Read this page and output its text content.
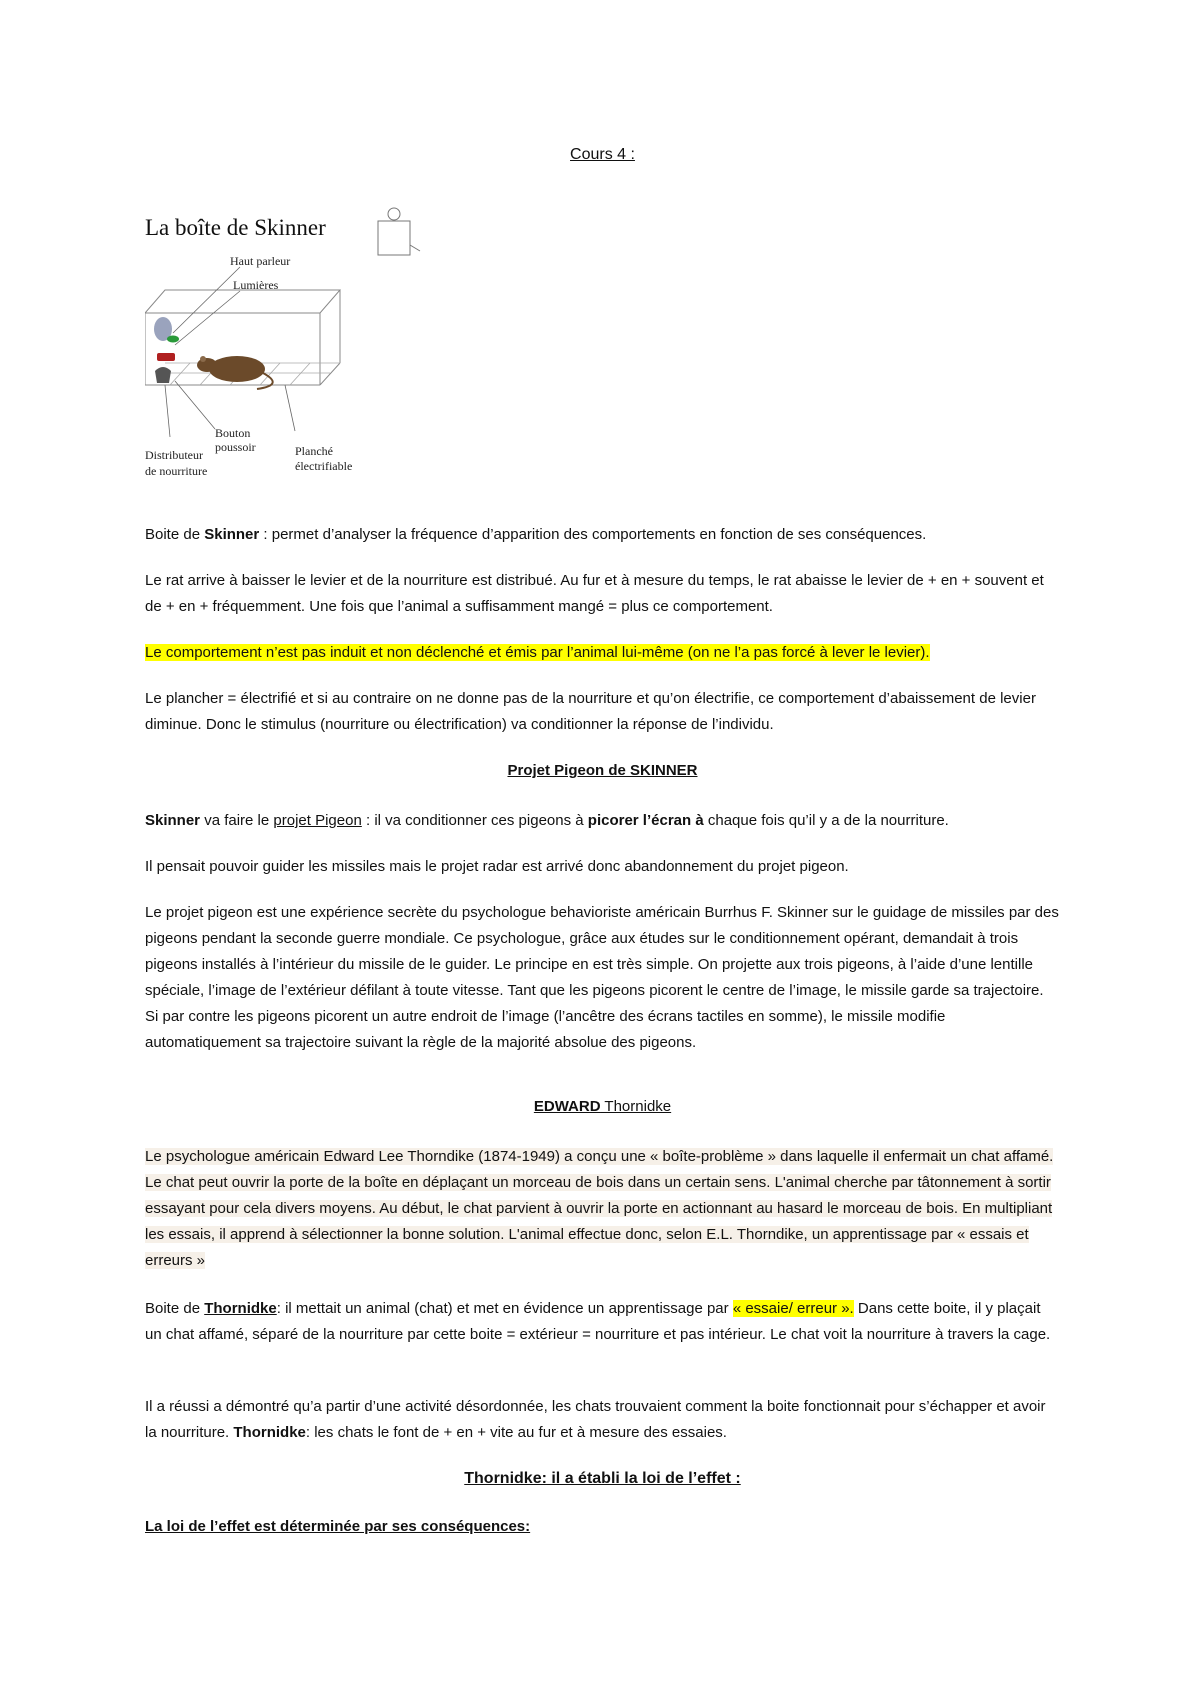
Cours 4 :
La boîte de Skinner
Haut parleur
Lumières
Bouton
poussoir
Distributeur
de nourriture
Planché
électrifiable

Boite de Skinner : permet d’analyser la fréquence d’apparition des comportements en fonction de ses conséquences.

Le rat arrive à baisser le levier et de la nourriture est distribué. Au fur et à mesure du temps, le rat abaisse le levier de + en + souvent et de + en + fréquemment. Une fois que l’animal a suffisamment mangé = plus ce comportement.

Le comportement n’est pas induit et non déclenché et émis par l’animal lui-même (on ne l’a pas forcé à lever le levier).

Le plancher = électrifié et si au contraire on ne donne pas de la nourriture et qu’on électrifie, ce comportement d’abaissement de levier diminue. Donc le stimulus (nourriture ou électrification) va conditionner la réponse de l’individu.

Projet Pigeon de SKINNER

Skinner va faire le projet Pigeon : il va conditionner ces pigeons à picorer l’écran à chaque fois qu’il y a de la nourriture.

Il pensait pouvoir guider les missiles mais le projet radar est arrivé donc abandonnement du projet pigeon.

Le projet pigeon est une expérience secrète du psychologue behavioriste américain Burrhus F. Skinner sur le guidage de missiles par des pigeons pendant la seconde guerre mondiale. Ce psychologue, grâce aux études sur le conditionnement opérant, demandait à trois pigeons installés à l’intérieur du missile de le guider. Le principe en est très simple. On projette aux trois pigeons, à l’aide d’une lentille spéciale, l’image de l’extérieur défilant à toute vitesse. Tant que les pigeons picorent le centre de l’image, le missile garde sa trajectoire. Si par contre les pigeons picorent un autre endroit de l’image (l’ancêtre des écrans tactiles en somme), le missile modifie automatiquement sa trajectoire suivant la règle de la majorité absolue des pigeons.

EDWARD Thornidke

Le psychologue américain Edward Lee Thorndike (1874-1949) a conçu une « boîte-problème » dans laquelle il enfermait un chat affamé. Le chat peut ouvrir la porte de la boîte en déplaçant un morceau de bois dans un certain sens. L'animal cherche par tâtonnement à sortir essayant pour cela divers moyens. Au début, le chat parvient à ouvrir la porte en actionnant au hasard le morceau de bois. En multipliant les essais, il apprend à sélectionner la bonne solution. L'animal effectue donc, selon E.L. Thorndike, un apprentissage par « essais et erreurs »

Boite de Thornidke: il mettait un animal (chat) et met en évidence un apprentissage par « essaie/ erreur ». Dans cette boite, il y plaçait un chat affamé, séparé de la nourriture par cette boite = extérieur = nourriture et pas intérieur. Le chat voit la nourriture à travers la cage.

Il a réussi a démontré qu’a partir d’une activité désordonnée, les chats trouvaient comment la boite fonctionnait pour s’échapper et avoir la nourriture. Thornidke: les chats le font de + en + vite au fur et à mesure des essaies.

Thornidke: il a établi la loi de l’effet :

La loi de l’effet est déterminée par ses conséquences:
